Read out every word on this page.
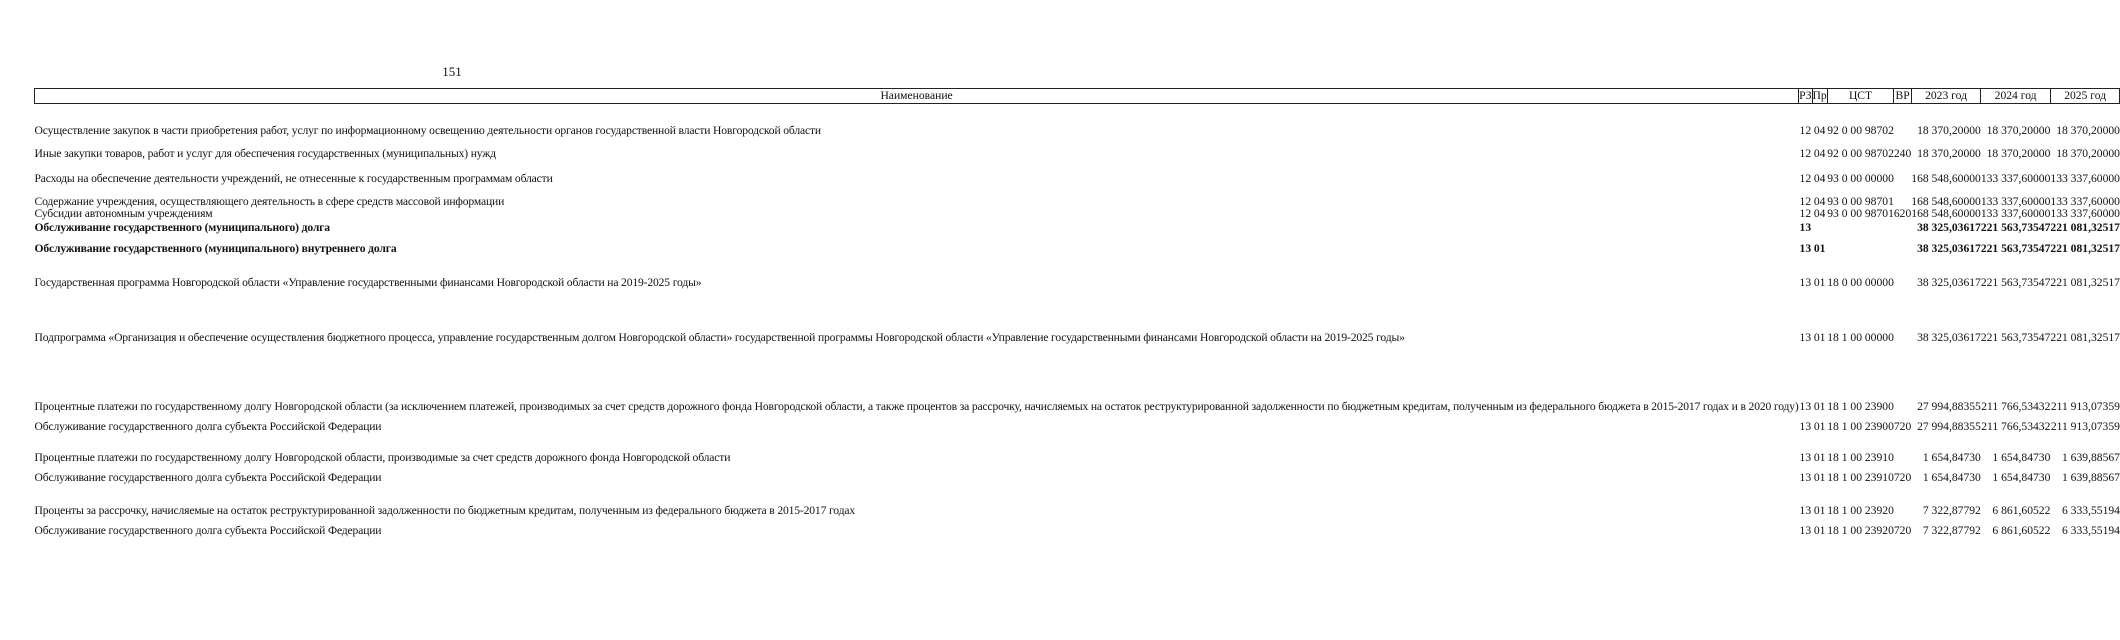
151
Наименование	РЗ	Пр	ЦСТ	ВР	2023 год	2024 год	2025 год
Осуществление закупок в части приобретения работ, услуг по информационному освещению деятельности органов государственной власти Новгородской области	12	04	92 0 00 98702		18 370,20000	18 370,20000	18 370,20000
Иные закупки товаров, работ и услуг для обеспечения государственных (муниципальных) нужд	12	04	92 0 00 98702	240	18 370,20000	18 370,20000	18 370,20000
Расходы на обеспечение деятельности учреждений, не отнесенные к государственным программам области	12	04	93 0 00 00000		168 548,60000	133 337,60000	133 337,60000
Содержание учреждения, осуществляющего деятельность в сфере средств массовой информации	12	04	93 0 00 98701		168 548,60000	133 337,60000	133 337,60000
Субсидии автономным учреждениям	12	04	93 0 00 98701	620	168 548,60000	133 337,60000	133 337,60000
Обслуживание государственного (муниципального) долга	13				38 325,03617	221 563,73547	221 081,32517
Обслуживание государственного (муниципального) внутреннего долга	13	01			38 325,03617	221 563,73547	221 081,32517
Государственная программа Новгородской области «Управление государственными финансами Новгородской области на 2019-2025 годы»	13	01	18 0 00 00000		38 325,03617	221 563,73547	221 081,32517
Подпрограмма «Организация и обеспечение осуществления бюджетного процесса, управление государственным долгом Новгородской области» государственной программы Новгородской области «Управление государственными финансами Новгородской области на 2019-2025 годы»	13	01	18 1 00 00000		38 325,03617	221 563,73547	221 081,32517
Процентные платежи по государственному долгу Новгородской области (за исключением платежей, производимых за счет средств дорожного фонда Новгородской области, а также процентов за рассрочку, начисляемых на остаток реструктурированной задолженности по бюджетным кредитам, полученным из федерального бюджета в 2015-2017 годах и в 2020 году)	13	01	18 1 00 23900		27 994,88355	211 766,53432	211 913,07359
Обслуживание государственного долга субъекта Российской Федерации	13	01	18 1 00 23900	720	27 994,88355	211 766,53432	211 913,07359
Процентные платежи по государственному долгу Новгородской области, производимые за счет средств дорожного фонда Новгородской области	13	01	18 1 00 23910		1 654,84730	1 654,84730	1 639,88567
Обслуживание государственного долга субъекта Российской Федерации	13	01	18 1 00 23910	720	1 654,84730	1 654,84730	1 639,88567
Проценты за рассрочку, начисляемые на остаток реструктурированной задолженности по бюджетным кредитам, полученным из федерального бюджета в 2015-2017 годах	13	01	18 1 00 23920		7 322,87792	6 861,60522	6 333,55194
Обслуживание государственного долга субъекта Российской Федерации	13	01	18 1 00 23920	720	7 322,87792	6 861,60522	6 333,55194
